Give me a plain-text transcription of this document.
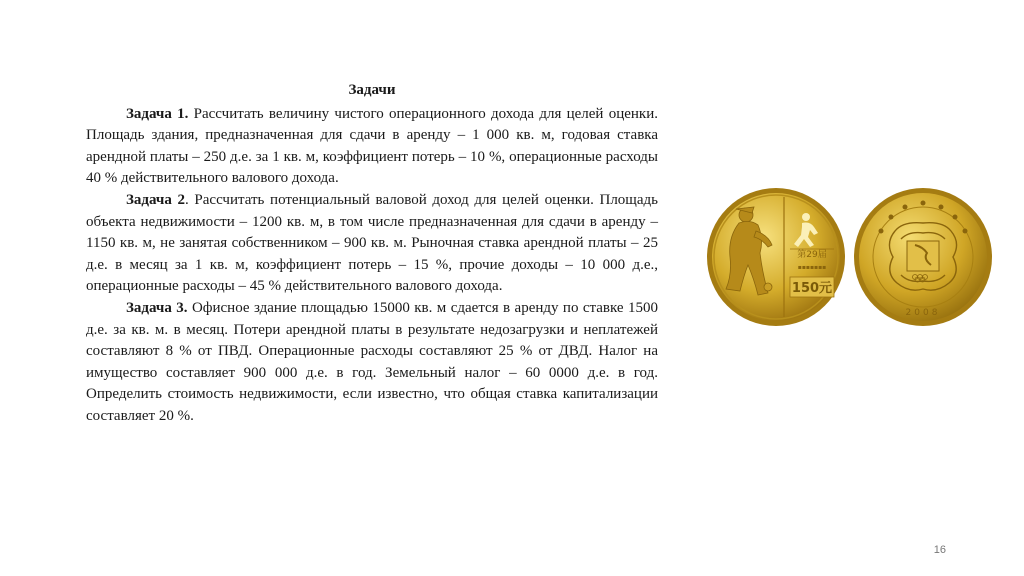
Задачи

Задача 1. Рассчитать величину чистого операционного дохода для целей оценки. Площадь здания, предназначенная для сдачи в аренду – 1 000 кв. м, годовая ставка арендной платы – 250 д.е. за 1 кв. м, коэффициент потерь – 10 %, операционные расходы 40 % действительного валового дохода.

Задача 2. Рассчитать потенциальный валовой доход для целей оценки. Площадь объекта недвижимости – 1200 кв. м, в том числе предназначенная для сдачи в аренду – 1150 кв. м, не занятая собственником – 900 кв. м. Рыночная ставка арендной платы – 25 д.е. в месяц за 1 кв. м, коэффициент потерь – 15 %, прочие доходы – 10 000 д.е., операционные расходы – 45 % действительного валового дохода.

Задача 3. Офисное здание площадью 15000 кв. м сдается в аренду по ставке 1500 д.е. за кв. м. в месяц. Потери арендной платы в результате недозагрузки и неплатежей составляют 8 % от ПВД. Операционные расходы составляют 25 % от ДВД. Налог на имущество составляет 900 000 д.е. в год. Земельный налог – 60 0000 д.е. в год. Определить стоимость недвижимости, если известно, что общая ставка капитализации составляет 20 %.

第29届
▪▪▪▪▪▪▪
150元
2008
16
